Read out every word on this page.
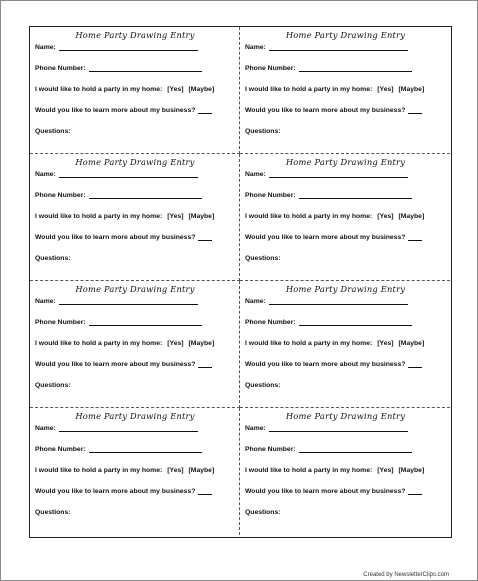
Home Party Drawing Entry
Name:
Phone Number:
I would like to hold a party in my home: [Yes] [Maybe]
Would you like to learn more about my business?
Questions:
Home Party Drawing Entry
Name:
Phone Number:
I would like to hold a party in my home: [Yes] [Maybe]
Would you like to learn more about my business?
Questions:
Home Party Drawing Entry
Name:
Phone Number:
I would like to hold a party in my home: [Yes] [Maybe]
Would you like to learn more about my business?
Questions:
Home Party Drawing Entry
Name:
Phone Number:
I would like to hold a party in my home: [Yes] [Maybe]
Would you like to learn more about my business?
Questions:
Home Party Drawing Entry
Name:
Phone Number:
I would like to hold a party in my home: [Yes] [Maybe]
Would you like to learn more about my business?
Questions:
Home Party Drawing Entry
Name:
Phone Number:
I would like to hold a party in my home: [Yes] [Maybe]
Would you like to learn more about my business?
Questions:
Home Party Drawing Entry
Name:
Phone Number:
I would like to hold a party in my home: [Yes] [Maybe]
Would you like to learn more about my business?
Questions:
Home Party Drawing Entry
Name:
Phone Number:
I would like to hold a party in my home: [Yes] [Maybe]
Would you like to learn more about my business?
Questions:
Created by NewsletterClips.com
